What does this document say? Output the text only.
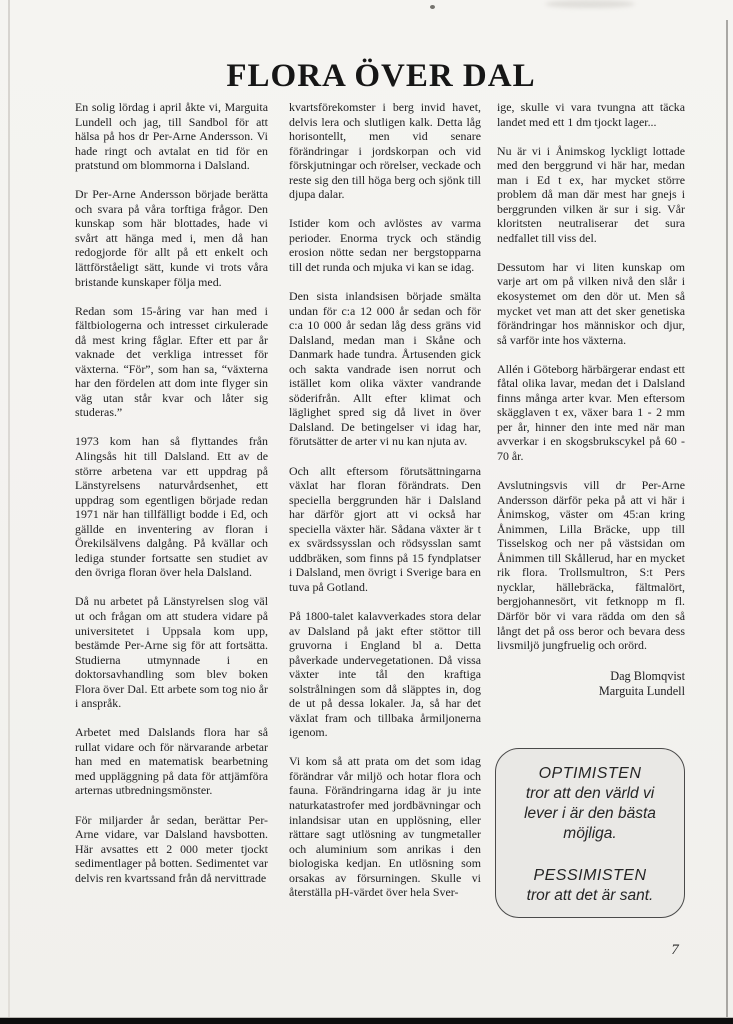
FLORA ÖVER DAL

En solig lördag i april åkte vi, Marguita Lundell och jag, till Sandbol för att hälsa på hos dr Per-Arne Andersson. Vi hade ringt och avtalat en tid för en pratstund om blommorna i Dalsland.

Dr Per-Arne Andersson började berätta och svara på våra torftiga frågor. Den kunskap som här blottades, hade vi svårt att hänga med i, men då han redogjorde för allt på ett enkelt och lättförståeligt sätt, kunde vi trots våra bristande kunskaper följa med.

Redan som 15-åring var han med i fältbiologerna och intresset cirkulerade då mest kring fåglar. Efter ett par år vaknade det verkliga intresset för växterna. “För”, som han sa, “växterna har den fördelen att dom inte flyger sin väg utan står kvar och låter sig studeras.”

1973 kom han så flyttandes från Alingsås hit till Dalsland. Ett av de större arbetena var ett uppdrag på Länstyrelsens naturvårdsenhet, ett uppdrag som egentligen började redan 1971 när han tillfälligt bodde i Ed, och gällde en inventering av floran i Örekilsälvens dalgång. På kvällar och lediga stunder fortsatte sen studiet av den övriga floran över hela Dalsland.

Då nu arbetet på Länstyrelsen slog väl ut och frågan om att studera vidare på universitetet i Uppsala kom upp, bestämde Per-Arne sig för att fortsätta. Studierna utmynnade i en doktorsavhandling som blev boken Flora över Dal. Ett arbete som tog nio år i anspråk.

Arbetet med Dalslands flora har så rullat vidare och för närvarande arbetar han med en matematisk bearbetning med uppläggning på data för attjämföra arternas utbredningsmönster.

För miljarder år sedan, berättar Per-Arne vidare, var Dalsland havsbotten. Här avsattes ett 2 000 meter tjockt sedimentlager på botten. Sedimentet var delvis ren kvartssand från då nervittrade

kvartsförekomster i berg invid havet, delvis lera och slutligen kalk. Detta låg horisontellt, men vid senare förändringar i jordskorpan och vid förskjutningar och rörelser, veckade och reste sig den till höga berg och sjönk till djupa dalar.

Istider kom och avlöstes av varma perioder. Enorma tryck och ständig erosion nötte sedan ner bergstopparna till det runda och mjuka vi kan se idag.

Den sista inlandsisen började smälta undan för c:a 12 000 år sedan och för c:a 10 000 år sedan låg dess gräns vid Dalsland, medan man i Skåne och Danmark hade tundra. Årtusenden gick och sakta vandrade isen norrut och istället kom olika växter vandrande söderifrån. Allt efter klimat och läglighet spred sig då livet in över Dalsland. De betingelser vi idag har, förutsätter de arter vi nu kan njuta av.

Och allt eftersom förutsättningarna växlat har floran förändrats. Den speciella berggrunden här i Dalsland har därför gjort att vi också har speciella växter här. Sådana växter är t ex svärdssysslan och rödsysslan samt uddbräken, som finns på 15 fyndplatser i Dalsland, men övrigt i Sverige bara en tuva på Gotland.

På 1800-talet kalavverkades stora delar av Dalsland på jakt efter stöttor till gruvorna i England bl a. Detta påverkade undervegetationen. Då vissa växter inte tål den kraftiga solstrålningen som då släpptes in, dog de ut på dessa lokaler. Ja, så har det växlat fram och tillbaka årmiljonerna igenom.

Vi kom så att prata om det som idag förändrar vår miljö och hotar flora och fauna. Förändringarna idag är ju inte naturkatastrofer med jordbävningar och inlandsisar utan en upplösning, eller rättare sagt utlösning av tungmetaller och aluminium som anrikas i den biologiska kedjan. En utlösning som orsakas av försurningen. Skulle vi återställa pH-värdet över hela Sver-

ige, skulle vi vara tvungna att täcka landet med ett 1 dm tjockt lager...

Nu är vi i Ånimskog lyckligt lottade med den berggrund vi här har, medan man i Ed t ex, har mycket större problem då man där mest har gnejs i berggrunden vilken är sur i sig. Vår kloritsten neutraliserar det sura nedfallet till viss del.

Dessutom har vi liten kunskap om varje art om på vilken nivå den slår i ekosystemet om den dör ut. Men så mycket vet man att det sker genetiska förändringar hos människor och djur, så varför inte hos växterna.

Allén i Göteborg härbärgerar endast ett fåtal olika lavar, medan det i Dalsland finns många arter kvar. Men eftersom skägglaven t ex, växer bara 1 - 2 mm per år, hinner den inte med när man avverkar i en skogsbrukscykel på 60 - 70 år.

Avslutningsvis vill dr Per-Arne Andersson därför peka på att vi här i Ånimskog, väster om 45:an kring Ånimmen, Lilla Bräcke, upp till Tisselskog och ner på västsidan om Ånimmen till Skållerud, har en mycket rik flora. Trollsmultron, S:t Pers nycklar, hällebräcka, fältmalört, bergjohannesört, vit fetknopp m fl. Därför bör vi vara rädda om den så långt det på oss beror och bevara dess livsmiljö jungfruelig och orörd.

Dag Blomqvist

Marguita Lundell

OPTIMISTEN

tror att den värld vi lever i är den bästa möjliga.

PESSIMISTEN

tror att det är sant.

7
